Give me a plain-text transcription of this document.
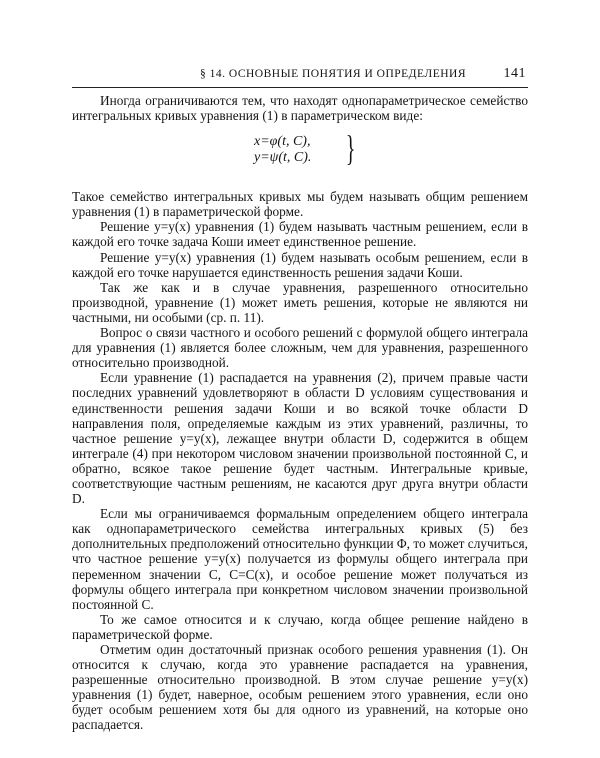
§ 14. ОСНОВНЫЕ ПОНЯТИЯ И ОПРЕДЕЛЕНИЯ	141

Иногда ограничиваются тем, что находят однопараметрическое семейство интегральных кривых уравнения (1) в параметрическом виде:

x=φ(t, C),
y=ψ(t, C). }

Такое семейство интегральных кривых мы будем называть общим решением уравнения (1) в параметрической форме.

Решение y=y(x) уравнения (1) будем называть частным решением, если в каждой его точке задача Коши имеет единственное решение.

Решение y=y(x) уравнения (1) будем называть особым решением, если в каждой его точке нарушается единственность решения задачи Коши.

Так же как и в случае уравнения, разрешенного относительно производной, уравнение (1) может иметь решения, которые не являются ни частными, ни особыми (ср. п. 11).

Вопрос о связи частного и особого решений с формулой общего интеграла для уравнения (1) является более сложным, чем для уравнения, разрешенного относительно производной.

Если уравнение (1) распадается на уравнения (2), причем правые части последних уравнений удовлетворяют в области D условиям существования и единственности решения задачи Коши и во всякой точке области D направления поля, определяемые каждым из этих уравнений, различны, то частное решение y=y(x), лежащее внутри области D, содержится в общем интеграле (4) при некотором числовом значении произвольной постоянной C, и обратно, всякое такое решение будет частным. Интегральные кривые, соответствующие частным решениям, не касаются друг друга внутри области D.

Если мы ограничиваемся формальным определением общего интеграла как однопараметрического семейства интегральных кривых (5) без дополнительных предположений относительно функции Φ, то может случиться, что частное решение y=y(x) получается из формулы общего интеграла при переменном значении C, C=C(x), и особое решение может получаться из формулы общего интеграла при конкретном числовом значении произвольной постоянной C.

То же самое относится и к случаю, когда общее решение найдено в параметрической форме.

Отметим один достаточный признак особого решения уравнения (1). Он относится к случаю, когда это уравнение распадается на уравнения, разрешенные относительно производной. В этом случае решение y=y(x) уравнения (1) будет, наверное, особым решением этого уравнения, если оно будет особым решением хотя бы для одного из уравнений, на которые оно распадается.
